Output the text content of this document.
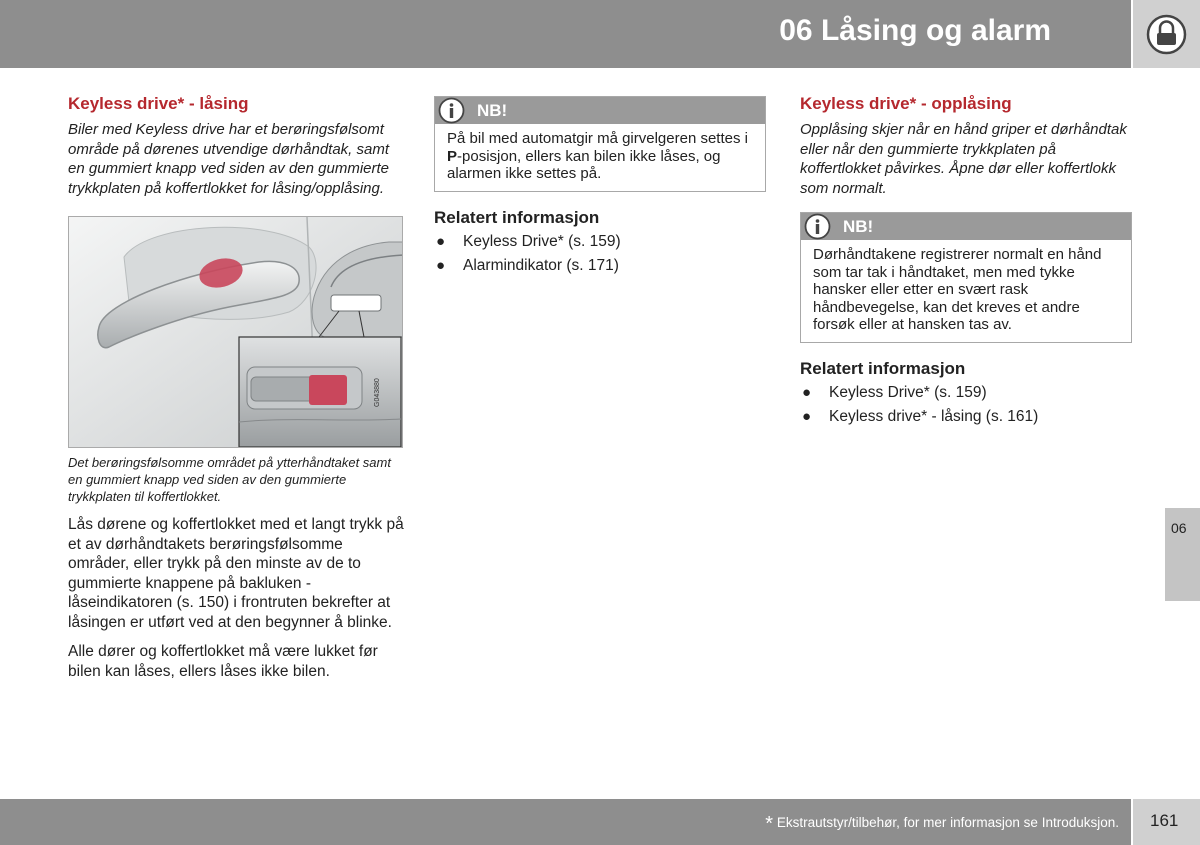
06 Låsing og alarm
Keyless drive* - låsing
Biler med Keyless drive har et berøringsfølsomt område på dørenes utvendige dørhåndtak, samt en gummiert knapp ved siden av den gummierte trykkplaten på koffertlokket for låsing/opplåsing.
G043880
Det berøringsfølsomme området på ytterhåndtaket samt en gummiert knapp ved siden av den gummierte trykkplaten til koffertlokket.
Lås dørene og koffertlokket med et langt trykk på et av dørhåndtakets berøringsfølsomme områder, eller trykk på den minste av de to gummierte knappene på bakluken - låseindikatoren (s. 150) i frontruten bekrefter at låsingen er utført ved at den begynner å blinke.
Alle dører og koffertlokket må være lukket før bilen kan låses, ellers låses ikke bilen.
NB!
På bil med automatgir må girvelgeren settes i P-posisjon, ellers kan bilen ikke låses, og alarmen ikke settes på.
Relatert informasjon
● Keyless Drive* (s. 159)
● Alarmindikator (s. 171)
Keyless drive* - opplåsing
Opplåsing skjer når en hånd griper et dørhåndtak eller når den gummierte trykkplaten på koffertlokket påvirkes. Åpne dør eller koffertlokk som normalt.
NB!
Dørhåndtakene registrerer normalt en hånd som tar tak i håndtaket, men med tykke hansker eller etter en svært rask håndbevegelse, kan det kreves et andre forsøk eller at hansken tas av.
Relatert informasjon
● Keyless Drive* (s. 159)
● Keyless drive* - låsing (s. 161)
06
* Ekstrautstyr/tilbehør, for mer informasjon se Introduksjon. 161
